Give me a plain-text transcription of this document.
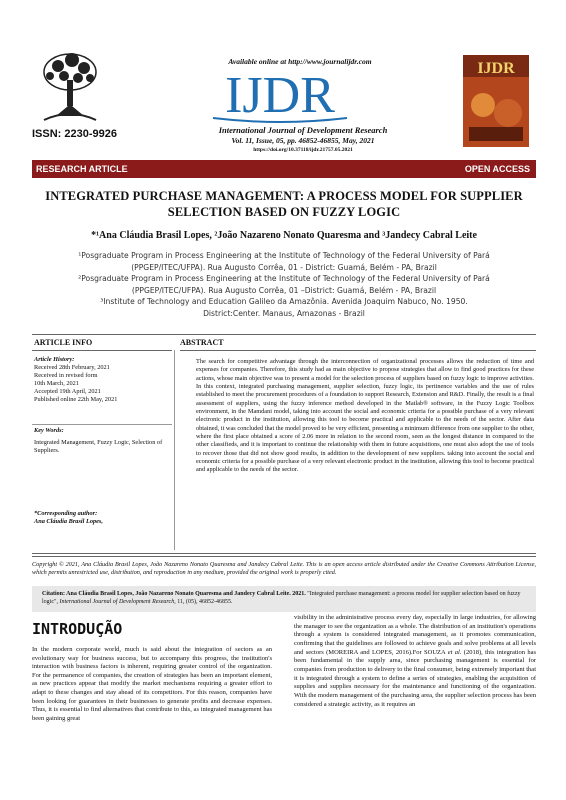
ISSN: 2230-9926
Available online at http://www.journalijdr.com
IJDR
International Journal of Development Research
Vol. 11, Issue, 05, pp. 46852-46855, May, 2021
https://doi.org/10.37118/ijdr.21757.05.2021
IJDR
RESEARCH ARTICLE	OPEN ACCESS
INTEGRATED PURCHASE MANAGEMENT: A PROCESS MODEL FOR SUPPLIER
SELECTION BASED ON FUZZY LOGIC
*¹Ana Cláudia Brasil Lopes, ²João Nazareno Nonato Quaresma and ³Jandecy Cabral Leite
¹Posgraduate Program in Process Engineering at the Institute of Technology of the Federal University of Pará
(PPGEP/ITEC/UFPA). Rua Augusto Corrêa, 01 - District: Guamá, Belém - PA, Brazil
²Posgraduate Program in Process Engineering at the Institute of Technology of the Federal University of Pará
(PPGEP/ITEC/UFPA). Rua Augusto Corrêa, 01 –District: Guamá, Belém - PA, Brazil
³Institute of Technology and Education Galileo da Amazônia. Avenida Joaquim Nabuco, No. 1950.
District:Center. Manaus, Amazonas - Brazil
ARTICLE INFO	ABSTRACT
Article History:
Received 28th February, 2021
Received in revised form
10th March, 2021
Accepted 19th April, 2021
Published online 22th May, 2021
Key Words:
Integrated Management, Fuzzy Logic, Selection of Suppliers.
*Corresponding author:
Ana Cláudia Brasil Lopes,
The search for competitive advantage through the interconnection of organizational processes allows the reduction of time and expenses for companies. Therefore, this study had as main objective to propose strategies that allow to find good practices for these actions, whose main objective was to present a model for the selection process of suppliers based on fuzzy logic to improve activities. In this context, integrated purchasing management, supplier selection, fuzzy logic, its pertinence variables and the use of rules established to meet the procurement procedures of a foundation to support Research, Extension and R&D. Finally, the result is a final assessment of suppliers, using the fuzzy inference method developed in the Matlab® software, in the Fuzzy Logic Toolbox environment, in the Mamdani model, taking into account the social and economic criteria for a possible purchase of a very relevant electronic product in the institution, allowing this tool to become practical and applicable to the needs of the sector. After data obtained, it was concluded that the model proved to be very efficient, presenting a minimum difference from one supplier to the other, where the first place obtained a score of 2.06 more in relation to the second room, seen as the longest distance in compared to the other classifieds, and it is important to continue the relationship with them in future acquisitions, one must also adopt the use of tools to recover those that did not show good results, in addition to the development of new suppliers. taking into account the social and economic criteria for a possible purchase of a very relevant electronic product in the institution, allowing this tool to become practical and applicable to the needs of the sector.
Copyright © 2021, Ana Cláudia Brasil Lopes, João Nazareno Nonato Quaresma and Jandecy Cabral Leite. This is an open access article distributed under the Creative Commons Attribution License, which permits unrestricted use, distribution, and reproduction in any medium, provided the original work is properly cited.
Citation: Ana Cláudia Brasil Lopes, João Nazareno Nonato Quaresma and Jandecy Cabral Leite. 2021. "Integrated purchase management: a process model for supplier selection based on fuzzy logic", International Journal of Development Research, 11, (05), 46852-46855.
INTRODUÇÃO
In the modern corporate world, much is said about the integration of sectors as an evolutionary way for business success, but to accompany this progress, the institution's interaction with business factors is inherent, requiring greater control of the organization. For the permanence of companies, the creation of strategies has been an important element, as new practices appear that modify the market mechanisms requiring a greater effort to adapt to these changes and stay ahead of its competitors. For this reason, companies have been looking for guarantees in their businesses to generate profits and decrease expenses. Thus, it is essential to find alternatives that contribute to this, as integrated management has been gaining great
visibility in the administrative process every day, especially in large industries, for allowing the manager to see the organization as a whole. The distribution of an institution's operations through a system is considered integrated management, as it promotes communication, confirming that the guidelines are followed to achieve goals and solve problems at all levels and sectors (MOREIRA and LOPES, 2016).For SOUZA et al. (2018), this integration has been fundamental in the supply area, since purchasing management is essential for companies from production to delivery to the final consumer, being extremely important that it is integrated through a system to define a series of strategies, enabling the acquisition of supplies and supplies necessary for the maintenance and functioning of the organization. With the modern management of the purchasing area, the supplier selection process has been considered a strategic activity, as it requires an
